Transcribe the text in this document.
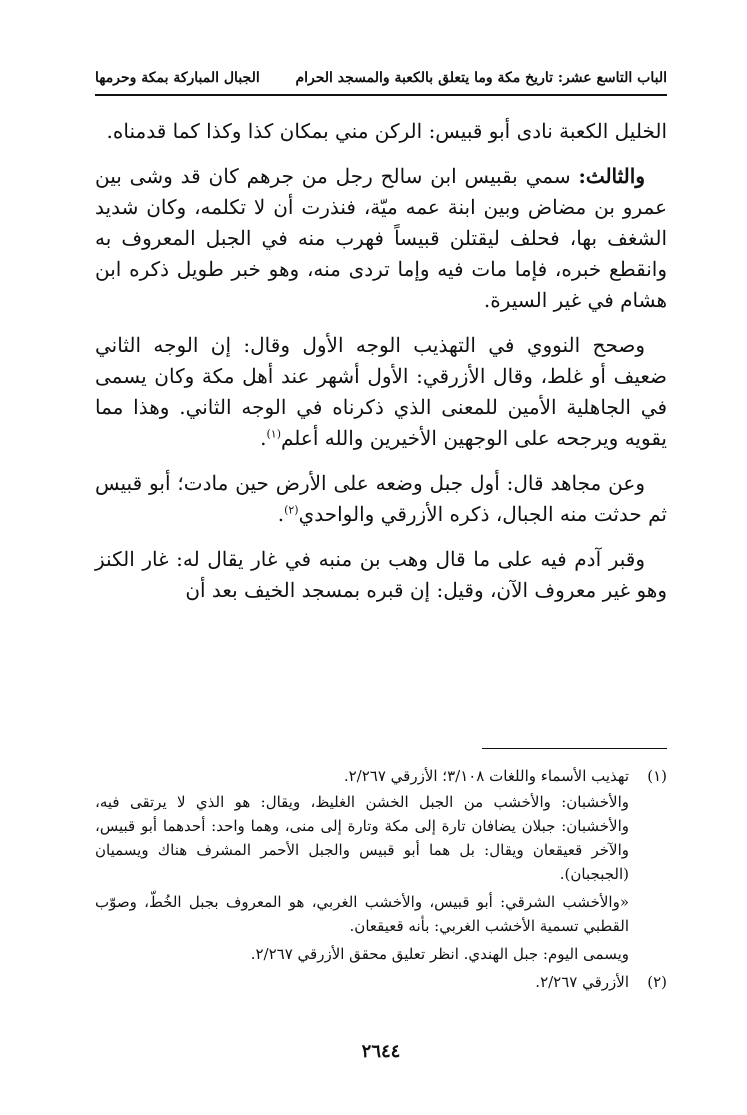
الباب التاسع عشر: تاريخ مكة وما يتعلق بالكعبة والمسجد الحرام
الجبال المباركة بمكة وحرمها

الخليل الكعبة نادى أبو قبيس: الركن مني بمكان كذا وكذا كما قدمناه.

والثالث: سمي بقبيس ابن سالح رجل من جرهم كان قد وشى بين عمرو بن مضاض وبين ابنة عمه ميّة، فنذرت أن لا تكلمه، وكان شديد الشغف بها، فحلف ليقتلن قبيساً فهرب منه في الجبل المعروف به وانقطع خبره، فإما مات فيه وإما تردى منه، وهو خبر طويل ذكره ابن هشام في غير السيرة.

وصحح النووي في التهذيب الوجه الأول وقال: إن الوجه الثاني ضعيف أو غلط، وقال الأزرقي: الأول أشهر عند أهل مكة وكان يسمى في الجاهلية الأمين للمعنى الذي ذكرناه في الوجه الثاني. وهذا مما يقويه ويرجحه على الوجهين الأخيرين والله أعلم$^{(١)}$.

وعن مجاهد قال: أول جبل وضعه على الأرض حين مادت؛ أبو قبيس ثم حدثت منه الجبال، ذكره الأزرقي والواحدي$^{(٢)}$.

وقبر آدم فيه على ما قال وهب بن منبه في غار يقال له: غار الكنز وهو غير معروف الآن، وقيل: إن قبره بمسجد الخيف بعد أن

(١)
تهذيب الأسماء واللغات ٣/١٠٨؛ الأزرقي ٢/٢٦٧.

والأخشبان: والأخشب من الجبل الخشن الغليظ، ويقال: هو الذي لا يرتقى فيه، والأخشبان: جبلان يضافان تارة إلى مكة وتارة إلى منى، وهما واحد: أحدهما أبو قبيس، والآخر قعيقعان ويقال: بل هما أبو قبيس والجبل الأحمر المشرف هناك ويسميان (الجبجبان).

«والأخشب الشرقي: أبو قبيس، والأخشب الغربي، هو المعروف بجبل الخُطّ، وصوّب القطبي تسمية الأخشب الغربي: بأنه قعيقعان.

ويسمى اليوم: جبل الهندي. انظر تعليق محقق الأزرقي ٢/٢٦٧.

(٢)
الأزرقي ٢/٢٦٧.
٢٦٤٤
